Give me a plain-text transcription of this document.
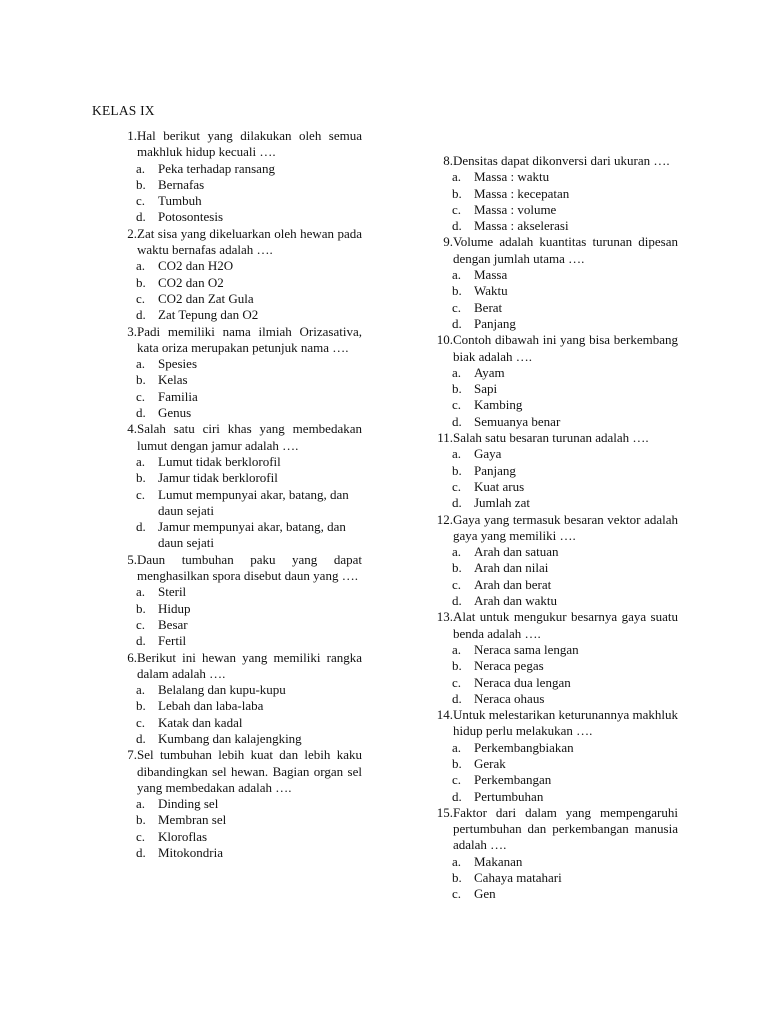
KELAS IX
1. Hal berikut yang dilakukan oleh semua makhluk hidup kecuali ….
a. Peka terhadap ransang
b. Bernafas
c. Tumbuh
d. Potosontesis
2. Zat sisa yang dikeluarkan oleh hewan pada waktu bernafas adalah ….
a. CO2 dan H2O
b. CO2 dan O2
c. CO2 dan Zat Gula
d. Zat Tepung dan O2
3. Padi memiliki nama ilmiah Orizasativa, kata oriza merupakan petunjuk nama ….
a. Spesies
b. Kelas
c. Familia
d. Genus
4. Salah satu ciri khas yang membedakan lumut dengan jamur adalah ….
a. Lumut tidak berklorofil
b. Jamur tidak berklorofil
c. Lumut mempunyai akar, batang, dan daun sejati
d. Jamur mempunyai akar, batang, dan daun sejati
5. Daun tumbuhan paku yang dapat menghasilkan spora disebut daun yang ….
a. Steril
b. Hidup
c. Besar
d. Fertil
6. Berikut ini hewan yang memiliki rangka dalam adalah ….
a. Belalang dan kupu-kupu
b. Lebah dan laba-laba
c. Katak dan kadal
d. Kumbang dan kalajengking
7. Sel tumbuhan lebih kuat dan lebih kaku dibandingkan sel hewan. Bagian organ sel yang membedakan adalah ….
a. Dinding sel
b. Membran sel
c. Kloroflas
d. Mitokondria
8. Densitas dapat dikonversi dari ukuran ….
a. Massa : waktu
b. Massa : kecepatan
c. Massa : volume
d. Massa : akselerasi
9. Volume adalah kuantitas turunan dipesan dengan jumlah utama ….
a. Massa
b. Waktu
c. Berat
d. Panjang
10. Contoh dibawah ini yang bisa berkembang biak adalah ….
a. Ayam
b. Sapi
c. Kambing
d. Semuanya benar
11. Salah satu besaran turunan adalah ….
a. Gaya
b. Panjang
c. Kuat arus
d. Jumlah zat
12. Gaya yang termasuk besaran vektor adalah gaya yang memiliki ….
a. Arah dan satuan
b. Arah dan nilai
c. Arah dan berat
d. Arah dan waktu
13. Alat untuk mengukur besarnya gaya suatu benda adalah ….
a. Neraca sama lengan
b. Neraca pegas
c. Neraca dua lengan
d. Neraca ohaus
14. Untuk melestarikan keturunannya makhluk hidup perlu melakukan ….
a. Perkembangbiakan
b. Gerak
c. Perkembangan
d. Pertumbuhan
15. Faktor dari dalam yang mempengaruhi pertumbuhan dan perkembangan manusia adalah ….
a. Makanan
b. Cahaya matahari
c. Gen
